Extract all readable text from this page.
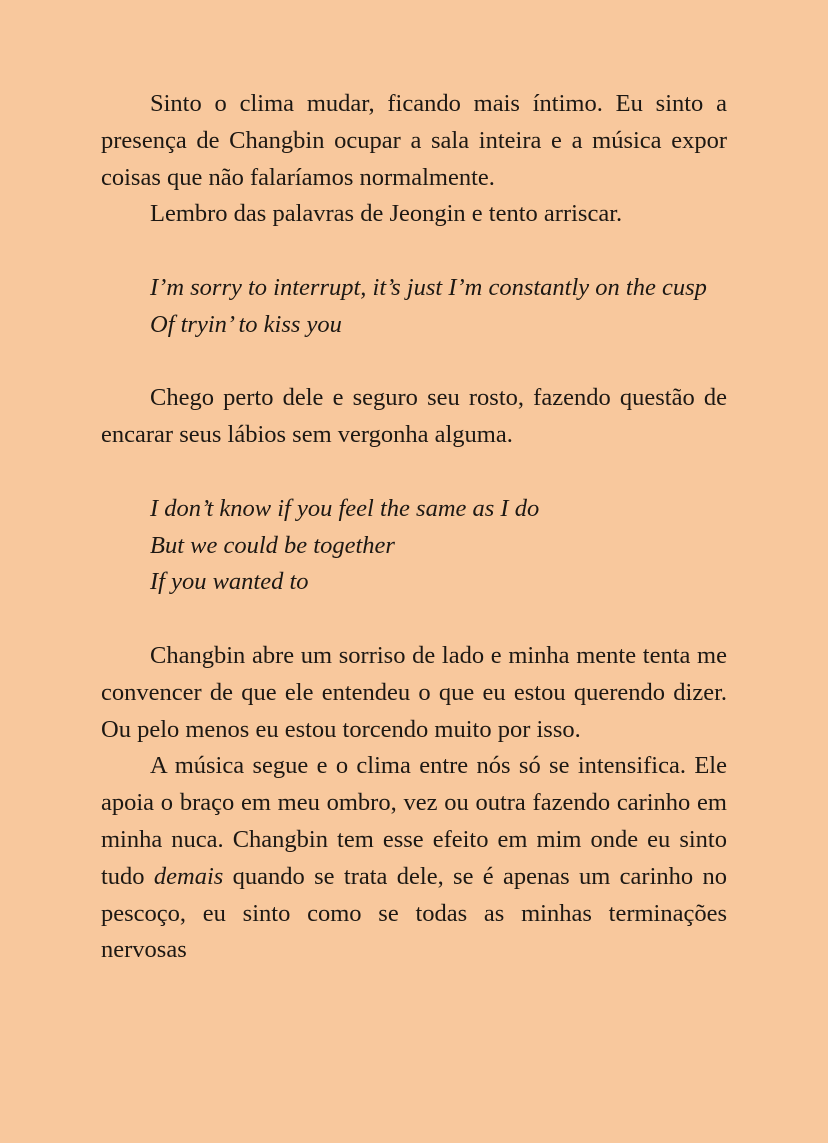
Sinto o clima mudar, ficando mais íntimo. Eu sinto a presença de Changbin ocupar a sala inteira e a música expor coisas que não falaríamos normalmente.

Lembro das palavras de Jeongin e tento arriscar.

I’m sorry to interrupt, it’s just I’m constantly on the cusp
Of tryin’ to kiss you

Chego perto dele e seguro seu rosto, fazendo questão de encarar seus lábios sem vergonha alguma.

I don’t know if you feel the same as I do
But we could be together
If you wanted to

Changbin abre um sorriso de lado e minha mente tenta me convencer de que ele entendeu o que eu estou querendo dizer. Ou pelo menos eu estou torcendo muito por isso.

A música segue e o clima entre nós só se intensifica. Ele apoia o braço em meu ombro, vez ou outra fazendo carinho em minha nuca. Changbin tem esse efeito em mim onde eu sinto tudo demais quando se trata dele, se é apenas um carinho no pescoço, eu sinto como se todas as minhas terminações nervosas
